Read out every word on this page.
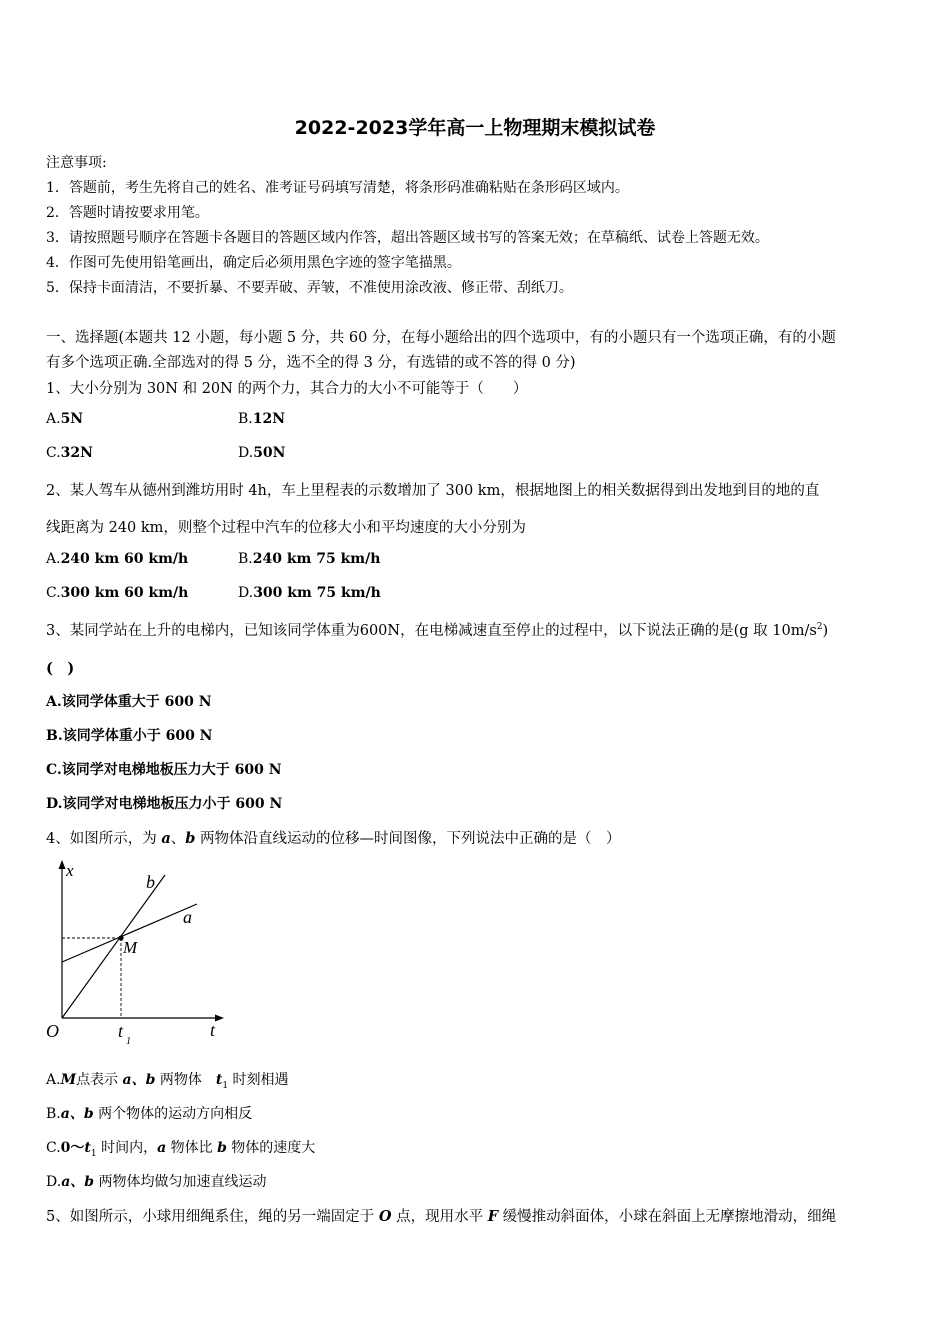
2022-2023学年高一上物理期末模拟试卷
注意事项:
1．答题前，考生先将自己的姓名、准考证号码填写清楚，将条形码准确粘贴在条形码区域内。
2．答题时请按要求用笔。
3．请按照题号顺序在答题卡各题目的答题区域内作答，超出答题区域书写的答案无效；在草稿纸、试卷上答题无效。
4．作图可先使用铅笔画出，确定后必须用黑色字迹的签字笔描黑。
5．保持卡面清洁，不要折暴、不要弄破、弄皱，不准使用涂改液、修正带、刮纸刀。
一、选择题(本题共 12 小题，每小题 5 分，共 60 分，在每小题给出的四个选项中，有的小题只有一个选项正确，有的小题
有多个选项正确.全部选对的得 5 分，选不全的得 3 分，有选错的或不答的得 0 分)
1、大小分别为 30N 和 20N 的两个力，其合力的大小不可能等于（　　）
A.5N	B.12N
C.32N	D.50N
2、某人驾车从德州到潍坊用时 4h，车上里程表的示数增加了 300 km，根据地图上的相关数据得到出发地到目的地的直
线距离为 240 km，则整个过程中汽车的位移大小和平均速度的大小分别为
A.240 km 60 km/h	B.240 km 75 km/h
C.300 km 60 km/h	D.300 km 75 km/h
3、某同学站在上升的电梯内，已知该同学体重为600N，在电梯减速直至停止的过程中，以下说法正确的是(g 取 $10m/s^2$)
(　)
A.该同学体重大于 600 N
B.该同学体重小于 600 N
C.该同学对电梯地板压力大于 600 N
D.该同学对电梯地板压力小于 600 N
4、如图所示，为 a、b 两物体沿直线运动的位移—时间图像，下列说法中正确的是（　）
x
b
a
M
O	t
1
t
A.M点表示 a、b 两物体　$t_1$ 时刻相遇
B.a、b 两个物体的运动方向相反
$C.0\sim t_1$ 时间内，a 物体比 b 物体的速度大
D.a、b 两物体均做匀加速直线运动
5、如图所示，小球用细绳系住，绳的另一端固定于 O 点，现用水平 F 缓慢推动斜面体，小球在斜面上无摩擦地滑动，细绳
